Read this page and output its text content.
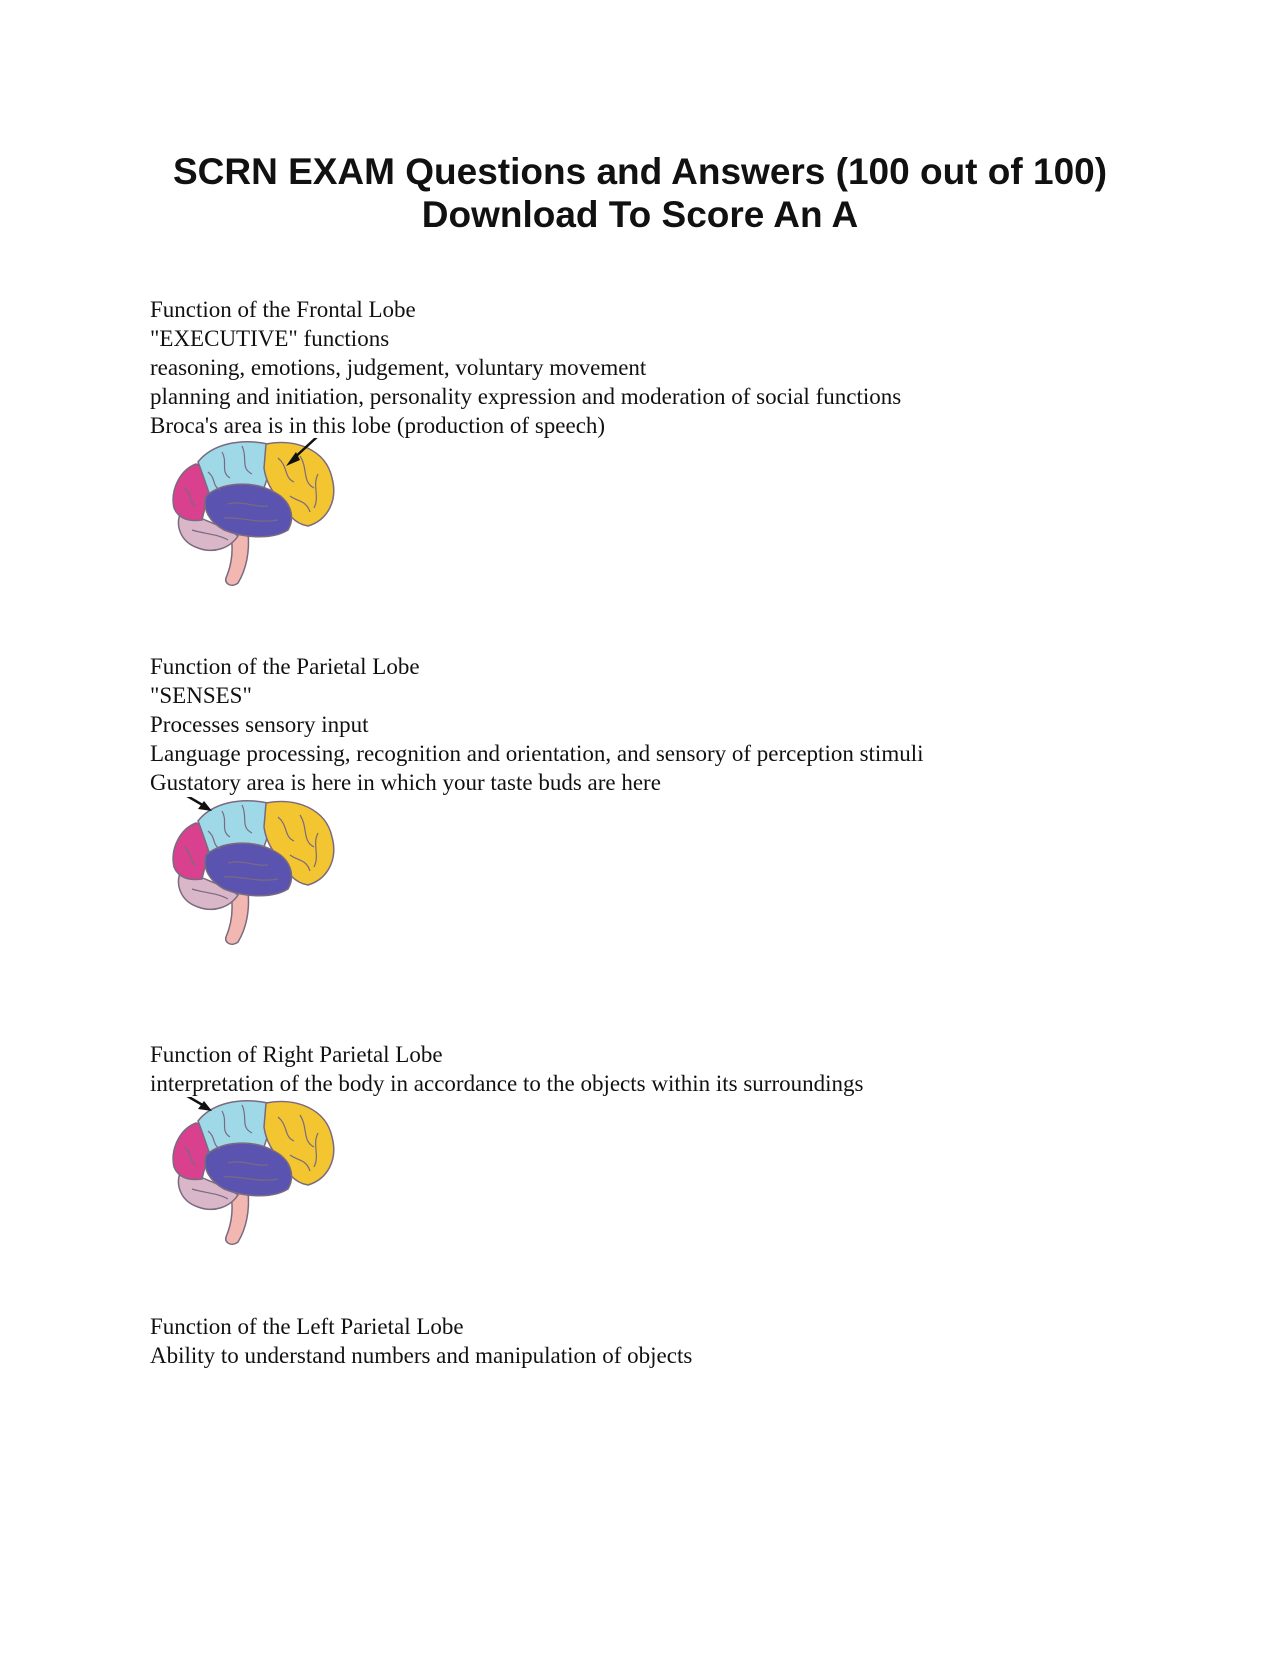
SCRN EXAM Questions and Answers (100 out of 100)
Download To Score An A
Function of the Frontal Lobe
"EXECUTIVE" functions
reasoning, emotions, judgement, voluntary movement
planning and initiation, personality expression and moderation of social functions
Broca's area is in this lobe (production of speech)
Function of the Parietal Lobe
"SENSES"
Processes sensory input
Language processing, recognition and orientation, and sensory of perception stimuli
Gustatory area is here in which your taste buds are here
Function of Right Parietal Lobe
interpretation of the body in accordance to the objects within its surroundings
Function of the Left Parietal Lobe
Ability to understand numbers and manipulation of objects
